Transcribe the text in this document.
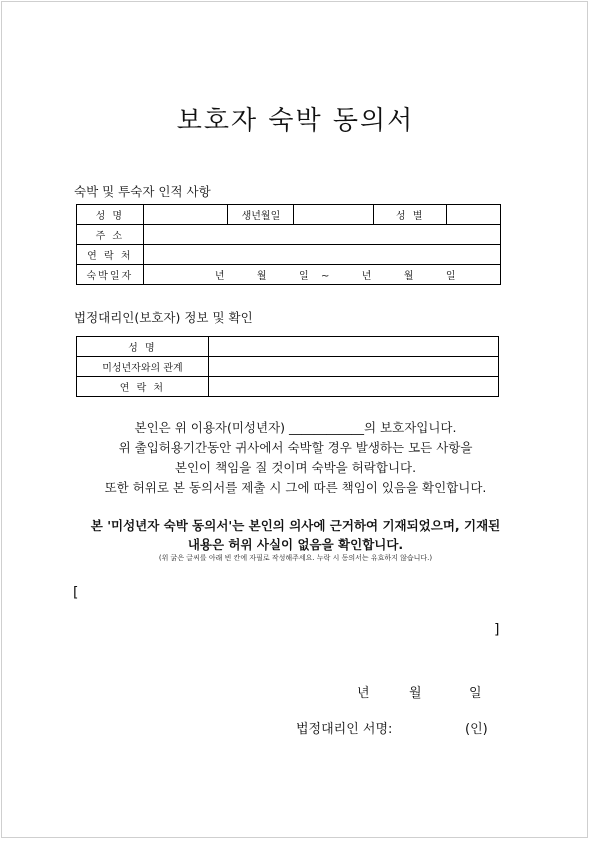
보호자 숙박 동의서
숙박 및 투숙자 인적 사항
성 명		생년월일		성 별	
주 소					
연 락 처					
숙박일자	년 월 일 ~ 년 월 일				
법정대리인(보호자) 정보 및 확인
성 명	
미성년자와의 관계	
연 락 처	
본인은 위 이용자(미성년자) ____________의 보호자입니다.
위 출입허용기간동안 귀사에서 숙박할 경우 발생하는 모든 사항을
본인이 책임을 질 것이며 숙박을 허락합니다.
또한 허위로 본 동의서를 제출 시 그에 따른 책임이 있음을 확인합니다.
본 '미성년자 숙박 동의서'는 본인의 의사에 근거하여 기재되었으며, 기재된
내용은 허위 사실이 없음을 확인합니다.
(위 굵은 글씨를 아래 빈 칸에 자필로 작성해주세요. 누락 시 동의서는 유효하지 않습니다.)
[
]
년	월	일
법정대리인 서명:	(인)
